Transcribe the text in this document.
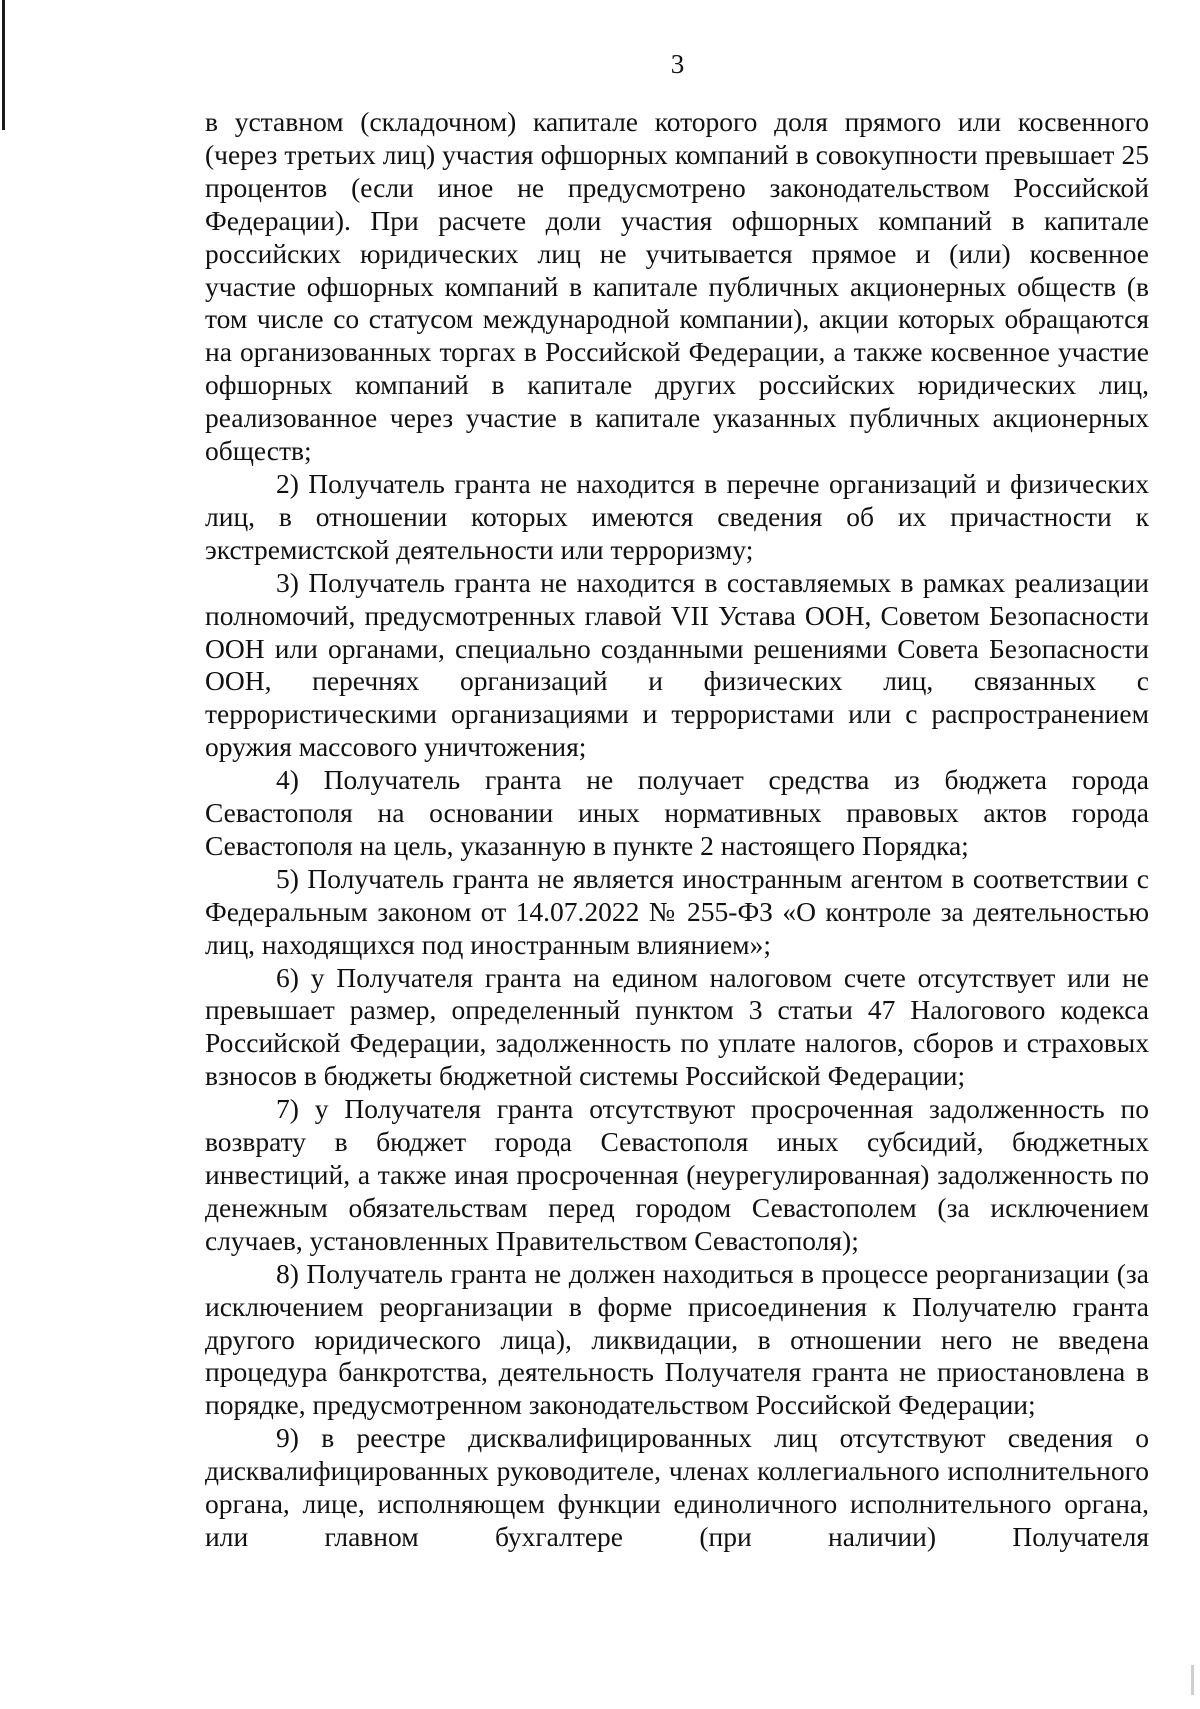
3

в уставном (складочном) капитале которого доля прямого или косвенного (через третьих лиц) участия офшорных компаний в совокупности превышает 25 процентов (если иное не предусмотрено законодательством Российской Федерации). При расчете доли участия офшорных компаний в капитале российских юридических лиц не учитывается прямое и (или) косвенное участие офшорных компаний в капитале публичных акционерных обществ (в том числе со статусом международной компании), акции которых обращаются на организованных торгах в Российской Федерации, а также косвенное участие офшорных компаний в капитале других российских юридических лиц, реализованное через участие в капитале указанных публичных акционерных обществ;

2) Получатель гранта не находится в перечне организаций и физических лиц, в отношении которых имеются сведения об их причастности к экстремистской деятельности или терроризму;

3) Получатель гранта не находится в составляемых в рамках реализации полномочий, предусмотренных главой VII Устава ООН, Советом Безопасности ООН или органами, специально созданными решениями Совета Безопасности ООН, перечнях организаций и физических лиц, связанных с террористическими организациями и террористами или с распространением оружия массового уничтожения;

4) Получатель гранта не получает средства из бюджета города Севастополя на основании иных нормативных правовых актов города Севастополя на цель, указанную в пункте 2 настоящего Порядка;

5) Получатель гранта не является иностранным агентом в соответствии с Федеральным законом от 14.07.2022 № 255-ФЗ «О контроле за деятельностью лиц, находящихся под иностранным влиянием»;

6) у Получателя гранта на едином налоговом счете отсутствует или не превышает размер, определенный пунктом 3 статьи 47 Налогового кодекса Российской Федерации, задолженность по уплате налогов, сборов и страховых взносов в бюджеты бюджетной системы Российской Федерации;

7) у Получателя гранта отсутствуют просроченная задолженность по возврату в бюджет города Севастополя иных субсидий, бюджетных инвестиций, а также иная просроченная (неурегулированная) задолженность по денежным обязательствам перед городом Севастополем (за исключением случаев, установленных Правительством Севастополя);

8) Получатель гранта не должен находиться в процессе реорганизации (за исключением реорганизации в форме присоединения к Получателю гранта другого юридического лица), ликвидации, в отношении него не введена процедура банкротства, деятельность Получателя гранта не приостановлена в порядке, предусмотренном законодательством Российской Федерации;

9) в реестре дисквалифицированных лиц отсутствуют сведения о дисквалифицированных руководителе, членах коллегиального исполнительного органа, лице, исполняющем функции единоличного исполнительного органа, или главном бухгалтере (при наличии) Получателя
